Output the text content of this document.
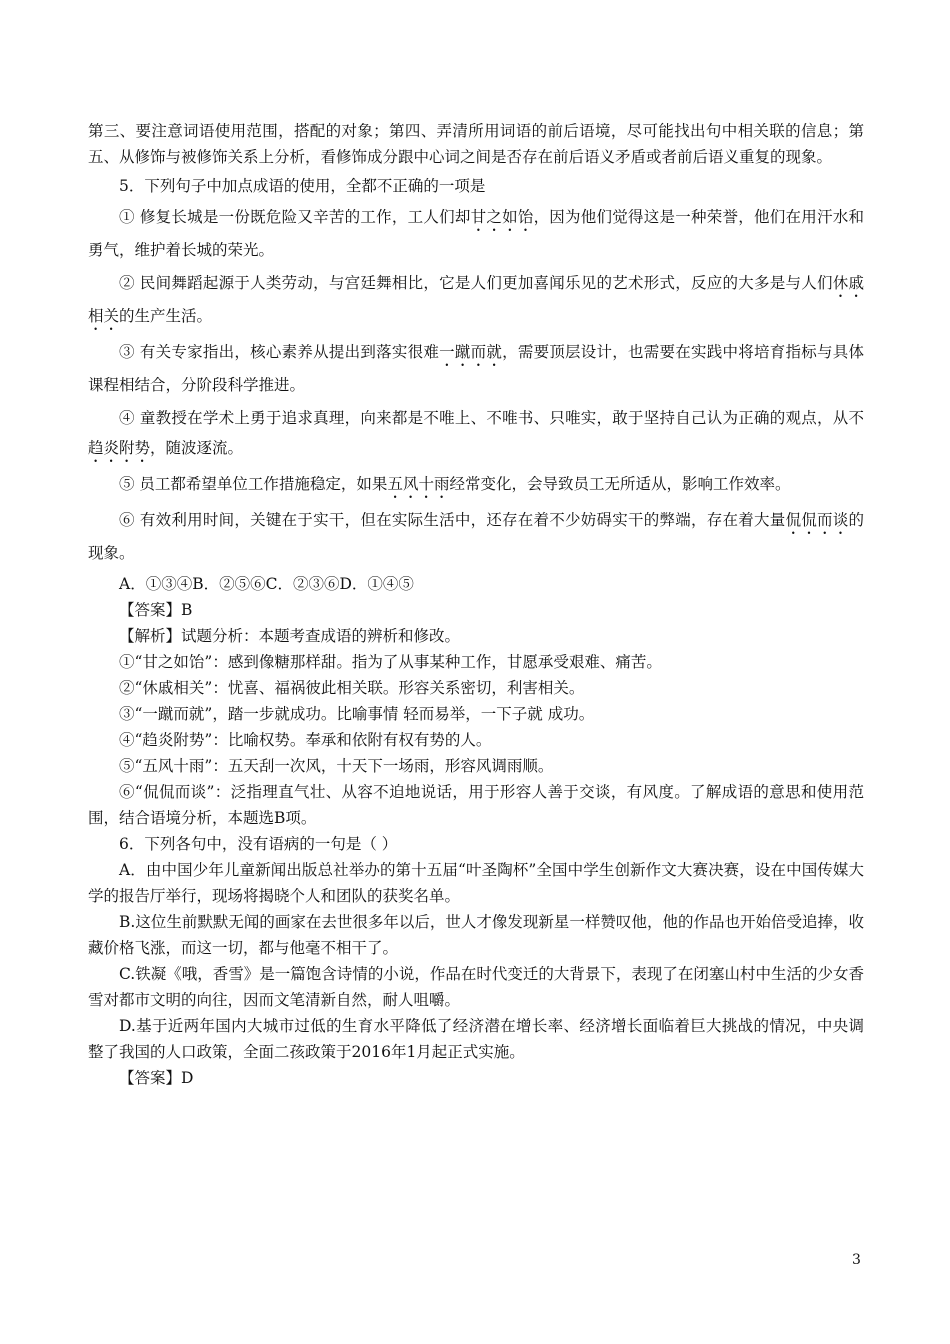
第三、要注意词语使用范围，搭配的对象；第四、弄清所用词语的前后语境，尽可能找出句中相关联的信息；第五、从修饰与被修饰关系上分析，看修饰成分跟中心词之间是否存在前后语义矛盾或者前后语义重复的现象。

5．下列句子中加点成语的使用，全都不正确的一项是

① 修复长城是一份既危险又辛苦的工作，工人们却甘之如饴，因为他们觉得这是一种荣誉，他们在用汗水和勇气，维护着长城的荣光。

② 民间舞蹈起源于人类劳动，与宫廷舞相比，它是人们更加喜闻乐见的艺术形式，反应的大多是与人们休戚相关的生产生活。

③ 有关专家指出，核心素养从提出到落实很难一蹴而就，需要顶层设计，也需要在实践中将培育指标与具体课程相结合，分阶段科学推进。

④ 童教授在学术上勇于追求真理，向来都是不唯上、不唯书、只唯实，敢于坚持自己认为正确的观点，从不趋炎附势，随波逐流。

⑤ 员工都希望单位工作措施稳定，如果五风十雨经常变化，会导致员工无所适从，影响工作效率。

⑥ 有效利用时间，关键在于实干，但在实际生活中，还存在着不少妨碍实干的弊端，存在着大量侃侃而谈的现象。

A．①③④B．②⑤⑥C．②③⑥D．①④⑤

【答案】B

【解析】试题分析：本题考查成语的辨析和修改。

①“甘之如饴”：感到像糖那样甜。指为了从事某种工作，甘愿承受艰难、痛苦。

②“休戚相关”：忧喜、福祸彼此相关联。形容关系密切，利害相关。

③“一蹴而就”，踏一步就成功。比喻事情 轻而易举，一下子就 成功。

④“趋炎附势”：比喻权势。奉承和依附有权有势的人。

⑤“五风十雨”：五天刮一次风，十天下一场雨，形容风调雨顺。

⑥“侃侃而谈”：泛指理直气壮、从容不迫地说话，用于形容人善于交谈，有风度。了解成语的意思和使用范围，结合语境分析，本题选B项。

6．下列各句中，没有语病的一句是（ ）

A．由中国少年儿童新闻出版总社举办的第十五届“叶圣陶杯”全国中学生创新作文大赛决赛，设在中国传媒大学的报告厅举行，现场将揭晓个人和团队的获奖名单。

B.这位生前默默无闻的画家在去世很多年以后，世人才像发现新星一样赞叹他，他的作品也开始倍受追捧，收藏价格飞涨，而这一切，都与他毫不相干了。

C.铁凝《哦，香雪》是一篇饱含诗情的小说，作品在时代变迁的大背景下，表现了在闭塞山村中生活的少女香雪对都市文明的向往，因而文笔清新自然，耐人咀嚼。

D.基于近两年国内大城市过低的生育水平降低了经济潜在增长率、经济增长面临着巨大挑战的情况，中央调整了我国的人口政策，全面二孩政策于2016年1月起正式实施。

【答案】D

3
